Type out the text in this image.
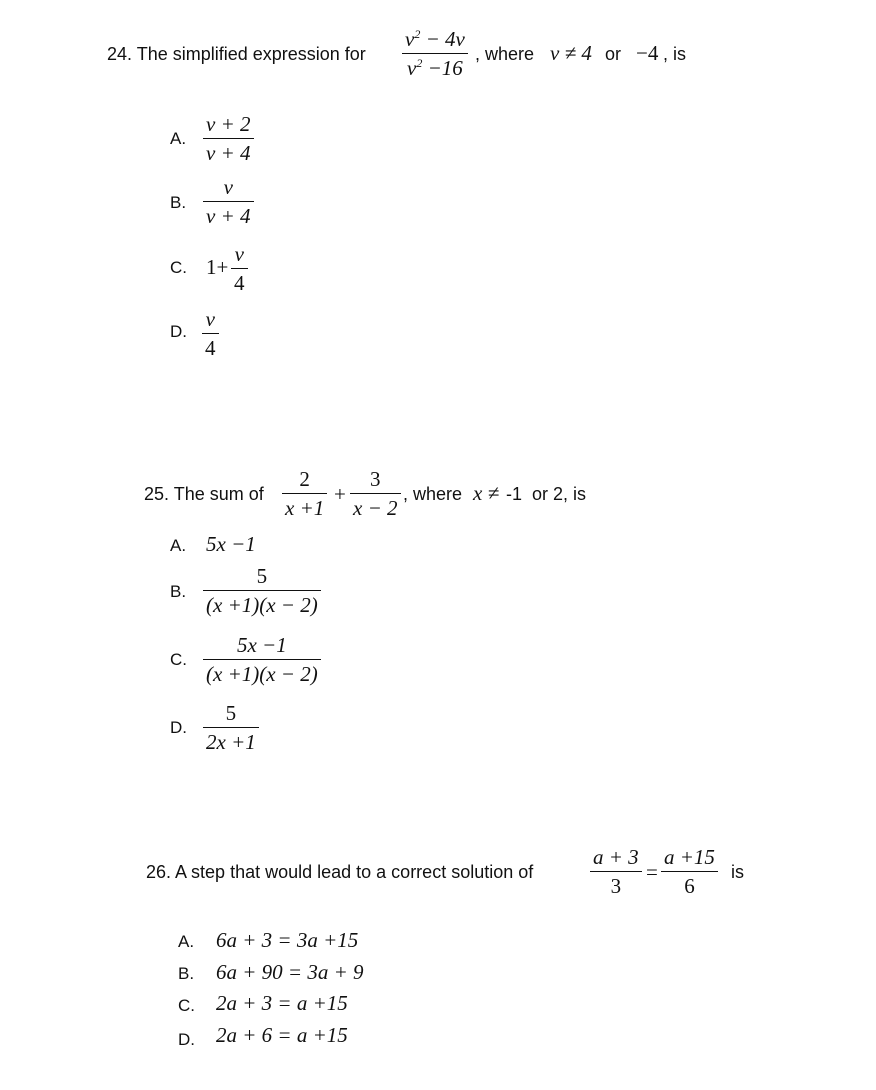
24. The simplified expression for
$v^2 - 4v$
$v^2 -16$
, where v ≠ 4 or −4 , is
A.
v + 2
v + 4
B.
v
v + 4
C. 1+
v
4
D.
v
4
25. The sum of
2
x +1
+
3
x − 2
, where x ≠ -1  or 2, is
A. 5x −1
B.
5
(x +1)(x − 2)
C.
5x −1
(x +1)(x − 2)
D.
5
2x +1
26. A step that would lead to a correct solution of
a + 3
3
=
a +15
6
is
A. 6a + 3 = 3a +15
B. 6a + 90 = 3a + 9
C. 2a + 3 = a +15
D. 2a + 6 = a +15
